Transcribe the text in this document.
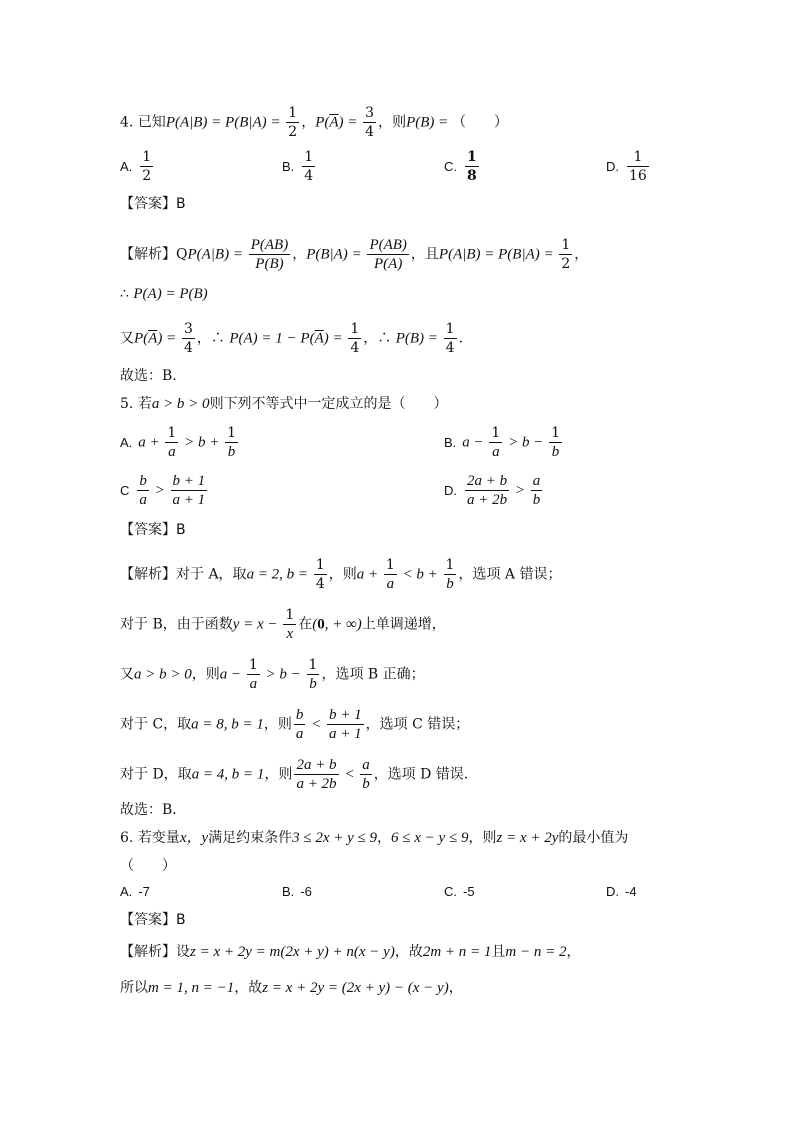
4. 已知$P(A|B) = P(B|A) = \frac{1}{2}$ ，$P(\overline{A}) = \frac{3}{4}$ ，则P(B) = （　　）
A. $\frac{1}{2}$	B. $\frac{1}{4}$	C. $\frac{1}{8}$	D. $\frac{1}{16}$
【答案】B
【解析】$QP(A|B) = \frac{P(AB)}{P(B)}$ ，$P(B|A) = \frac{P(AB)}{P(A)}$ ，且$P(A|B) = P(B|A) = \frac{1}{2}$ ，
∴ P(A) = P(B)
又$P(\overline{A}) = \frac{3}{4}$ ，∴ $P(A) = 1 - P(\overline{A}) = \frac{1}{4}$ ，∴ $P(B) = \frac{1}{4}$ .
故选：B.
5. 若a > b > 0则下列不等式中一定成立的是（　　）
A. $a + \frac{1}{a} > b + \frac{1}{b}$	B. $a - \frac{1}{a} > b - \frac{1}{b}$
C $\frac{b}{a} > \frac{b + 1}{a + 1}$	D. $\frac{2a + b}{a + 2b} > \frac{a}{b}$
【答案】B
【解析】对于 A，取a = 2, $b = \frac{1}{4}$ ，则$a + \frac{1}{a} < b + \frac{1}{b}$ ，选项 A 错误；
对于 B，由于函数$y = x - \frac{1}{x}$ 在(0, + ∞)上单调递增，
又a > b > 0，则$a - \frac{1}{a} > b - \frac{1}{b}$ ，选项 B 正确；
对于 C，取a = 8, b = 1，则 $\frac{b}{a} < \frac{b + 1}{a + 1}$ ，选项 C 错误；
对于 D，取a = 4, b = 1，则 $\frac{2a + b}{a + 2b} < \frac{a}{b}$ ，选项 D 错误.
故选：B．
6. 若变量x，y满足约束条件3 ≤ 2x + y ≤ 9，6 ≤ x − y ≤ 9，则z = x + 2y的最小值为
（　　）
A. -7	B. -6	C. -5	D. -4
【答案】B
【解析】设z = x + 2y = m(2x + y) + n(x − y)，故2m + n = 1且m − n = 2，
所以m = 1, n = −1，故z = x + 2y = (2x + y) − (x − y)，
